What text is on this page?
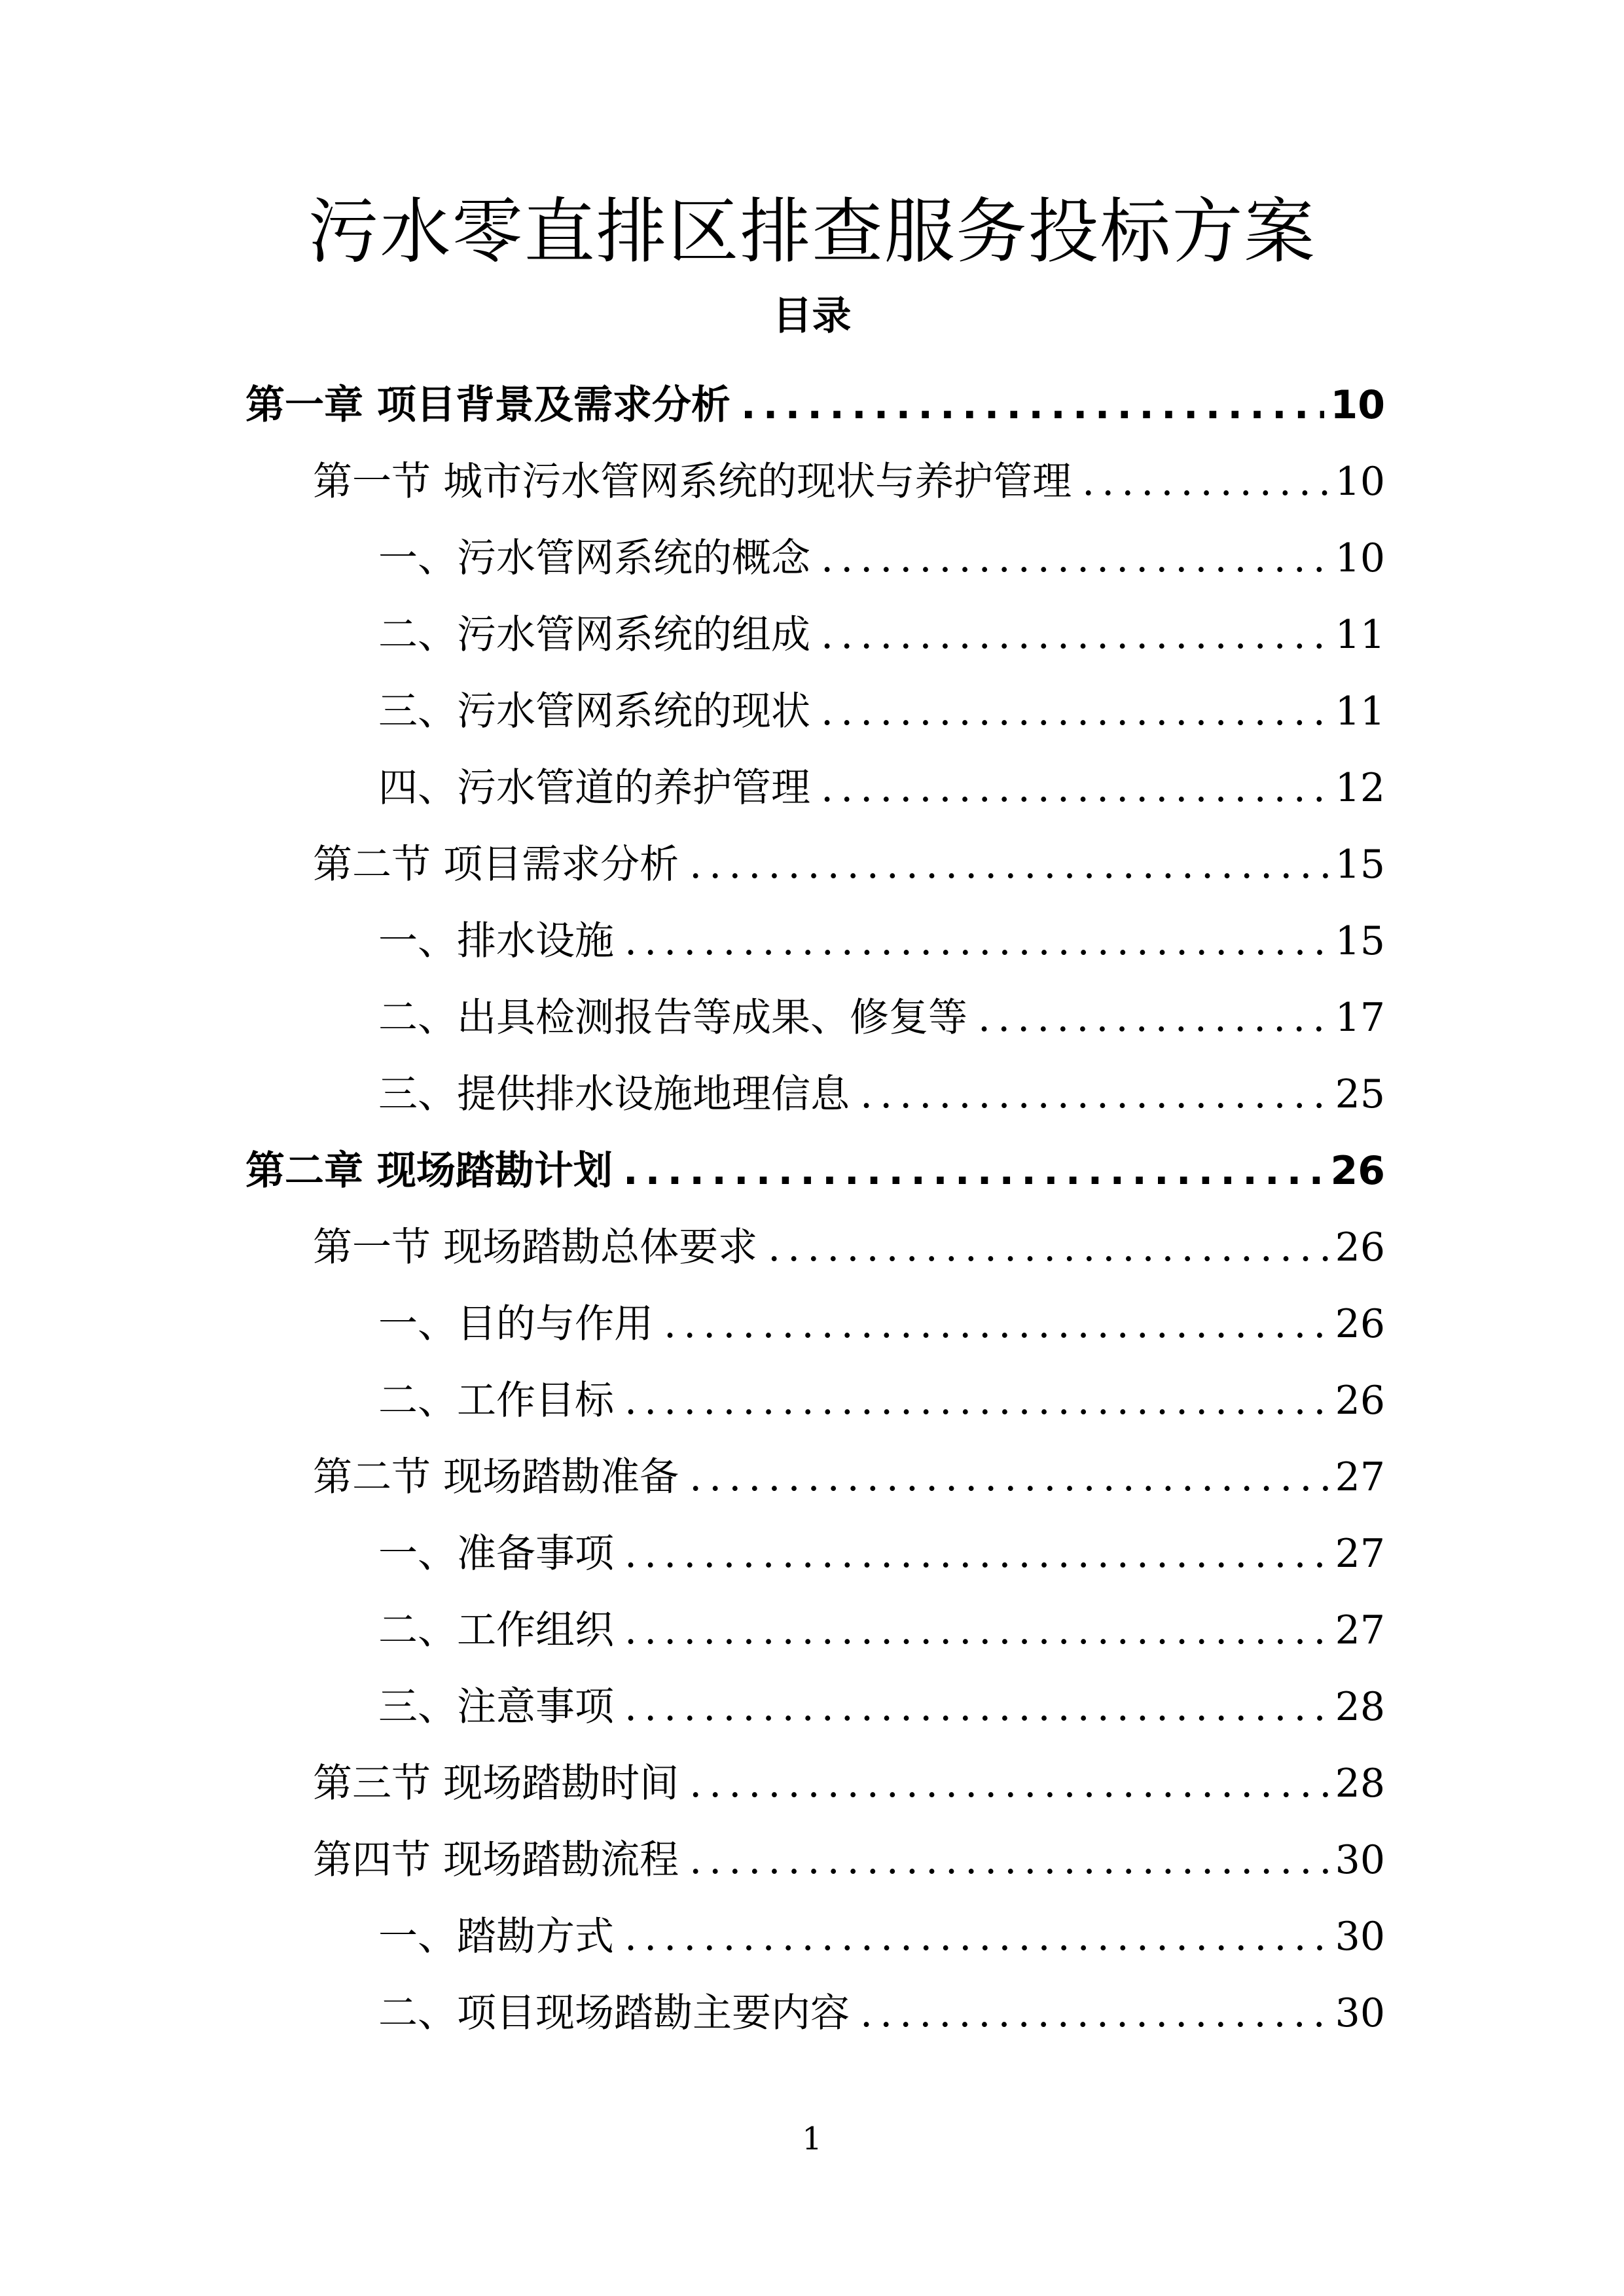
污水零直排区排查服务投标方案
目录
第一章 项目背景及需求分析 .....	10
第一节 城市污水管网系统的现状与养护管理 .....	10
一、污水管网系统的概念 .....	10
二、污水管网系统的组成 .....	11
三、污水管网系统的现状 .....	11
四、污水管道的养护管理 .....	12
第二节 项目需求分析 .....	15
一、排水设施 .....	15
二、出具检测报告等成果、修复等 .....	17
三、提供排水设施地理信息 .....	25
第二章 现场踏勘计划 .....	26
第一节 现场踏勘总体要求 .....	26
一、目的与作用 .....	26
二、工作目标 .....	26
第二节 现场踏勘准备 .....	27
一、准备事项 .....	27
二、工作组织 .....	27
三、注意事项 .....	28
第三节 现场踏勘时间 .....	28
第四节 现场踏勘流程 .....	30
一、踏勘方式 .....	30
二、项目现场踏勘主要内容 .....	30
1
